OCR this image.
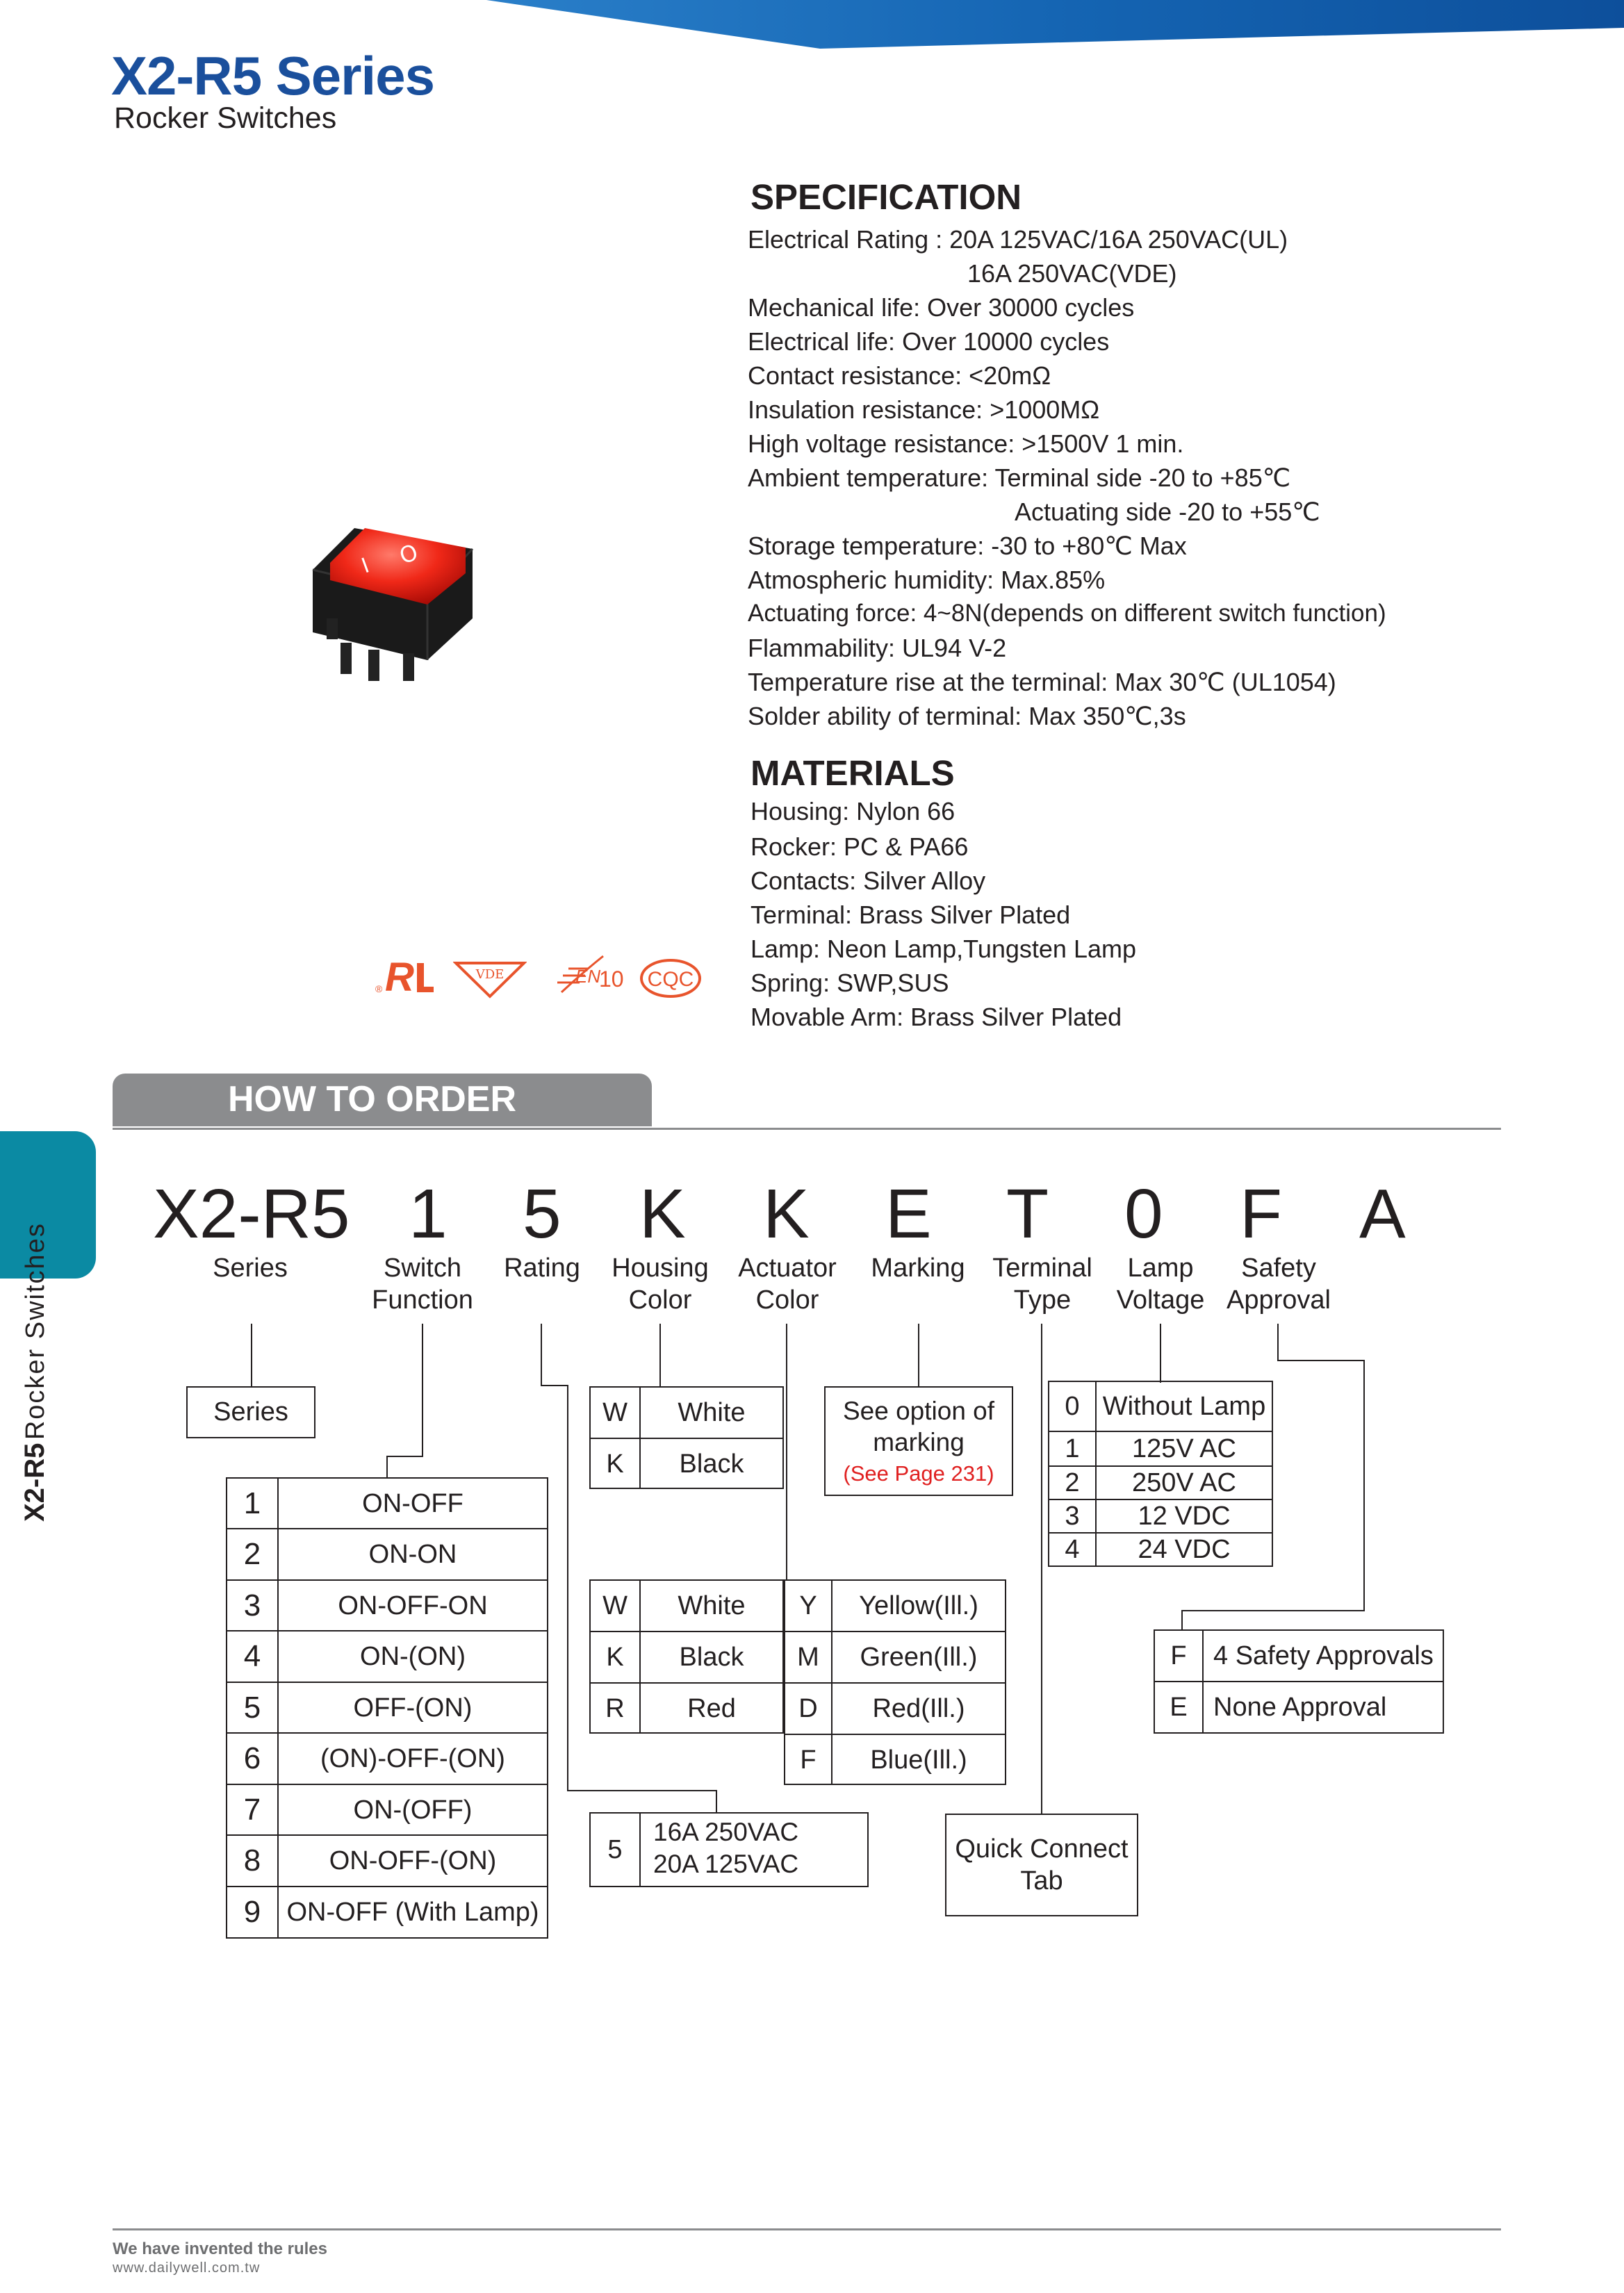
X2-R5 Series
Rocker Switches
X2-R5 Rocker Switches
O
I
® R	VDE	EN
10 CQC
SPECIFICATION
Electrical Rating : 20A 125VAC/16A 250VAC(UL)
16A 250VAC(VDE)
Mechanical life: Over 30000 cycles
Electrical life: Over 10000 cycles
Contact resistance: <20mΩ
Insulation resistance: >1000MΩ
High voltage resistance: >1500V 1 min.
Ambient temperature: Terminal side -20 to +85℃
Actuating side -20 to +55℃
Storage temperature: -30 to +80℃ Max
Atmospheric humidity: Max.85%
Actuating force: 4~8N(depends on different switch function)
Flammability: UL94 V-2
Temperature rise at the terminal: Max 30℃ (UL1054)
Solder ability of terminal: Max 350℃,3s
MATERIALS
Housing: Nylon 66
Rocker: PC & PA66
Contacts: Silver Alloy
Terminal: Brass Silver Plated
Lamp: Neon Lamp,Tungsten Lamp
Spring: SWP,SUS
Movable Arm: Brass Silver Plated
HOW TO ORDER
X2-R5 1 5 K K E T 0 F A
Series	Switch
Function
Rating	Housing
Color
Actuator
Color
Marking	Terminal
Type
Lamp
Voltage
Safety
Approval
Series
1	ON-OFF
2	ON-ON
3	ON-OFF-ON
4	ON-(ON)
5	OFF-(ON)
6	(ON)-OFF-(ON)
7	ON-(OFF)
8	ON-OFF-(ON)
9 ON-OFF (With Lamp)
W	White
K	Black
W	White
K	Black
R	Red
Y	Yellow(Ill.)
M	Green(Ill.)
D	Red(Ill.)
F	Blue(Ill.)
5
16A 250VAC
20A 125VAC
See option of
marking
(See Page 231)
Quick Connect
Tab
0 Without Lamp
1	125V AC
2	250V AC
3	12 VDC
4	24 VDC
F	4 Safety Approvals
E None Approval
We have invented the rules
www.dailywell.com.tw
